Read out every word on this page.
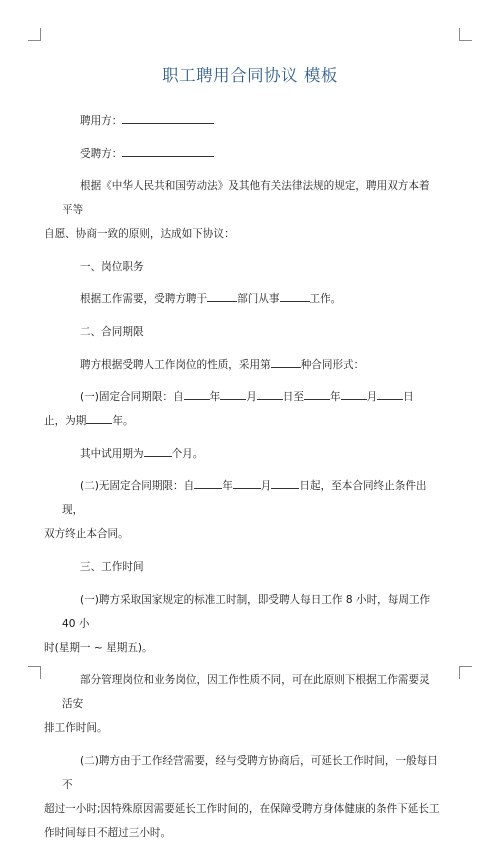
职工聘用合同协议 模板

聘用方：

受聘方：

根据《中华人民共和国劳动法》及其他有关法律法规的规定，聘用双方本着平等
自愿、协商一致的原则，达成如下协议：

一、岗位职务

根据工作需要，受聘方聘于	部门从事	工作。

二、合同期限

聘方根据受聘人工作岗位的性质，采用第	种合同形式：

(一)固定合同期限：自 年 月 日至 年 月 日
止，为期 年。

其中试用期为	个月。

(二)无固定合同期限：自	年	月	日起，至本合同终止条件出现，
双方终止本合同。

三、工作时间

(一)聘方采取国家规定的标准工时制，即受聘人每日工作 8 小时，每周工作 40 小
时(星期一 ~ 星期五)。

部分管理岗位和业务岗位，因工作性质不同，可在此原则下根据工作需要灵活安
排工作时间。

(二)聘方由于工作经营需要，经与受聘方协商后，可延长工作时间，一般每日不
超过一小时;因特殊原因需要延长工作时间的，在保障受聘方身体健康的条件下延长工
作时间每日不超过三小时。
